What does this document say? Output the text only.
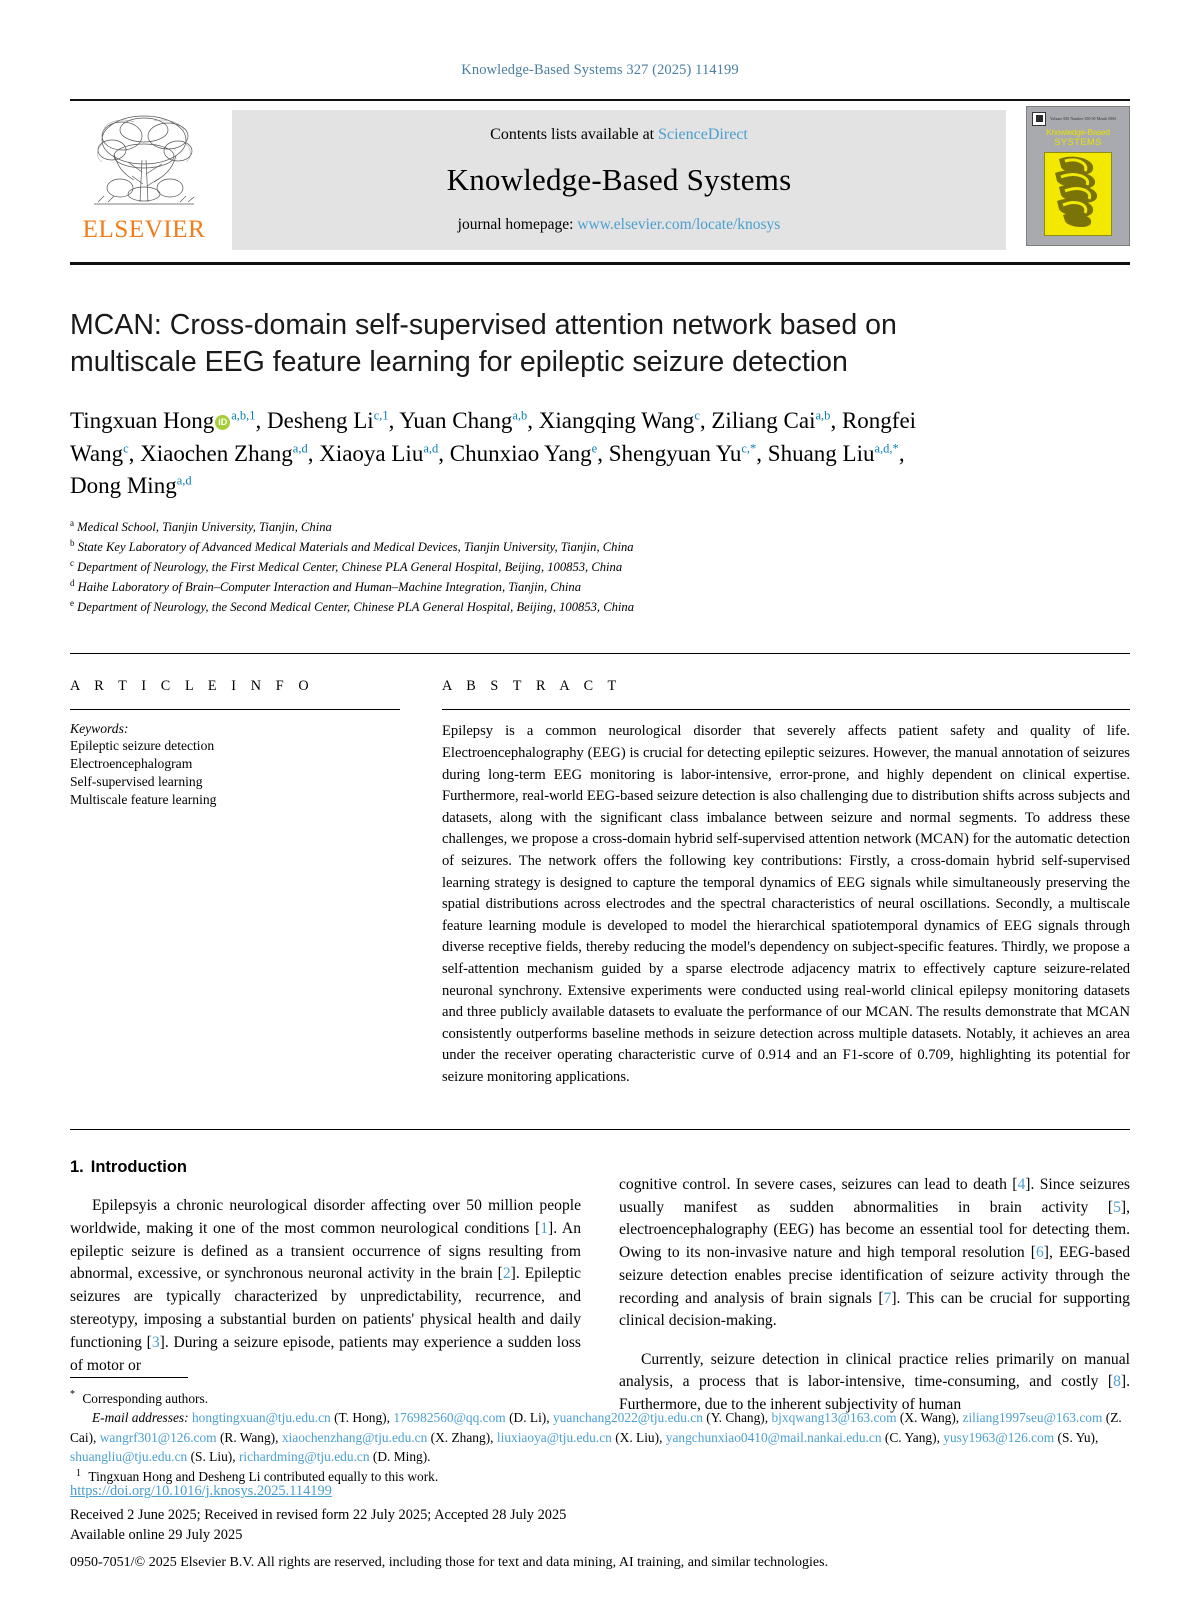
Knowledge-Based Systems 327 (2025) 114199
ELSEVIER
Contents lists available at ScienceDirect
Knowledge-Based Systems
journal homepage: www.elsevier.com/locate/knosys
Volume 000 Number 000 00 Month 0000
Knowledge-Based
SYSTEMS
MCAN: Cross-domain self-supervised attention network based on multiscale EEG feature learning for epileptic seizure detection
Tingxuan Hong iD $^{a,b,1}$, Desheng Li$^{c,1}$, Yuan Chang$^{a,b}$, Xiangqing Wang$^c$, Ziliang Cai$^{a,b}$, Rongfei Wang$^c$, Xiaochen Zhang$^{a,d}$, Xiaoya Liu$^{a,d}$, Chunxiao Yang$^e$, Shengyuan $Yu^{c,*}$, Shuang Liu$^{a,d,*}$, Dong Ming$^{a,d}$
$^a$ Medical School, Tianjin University, Tianjin, China
$^b$ State Key Laboratory of Advanced Medical Materials and Medical Devices, Tianjin University, Tianjin, China
$^c$ Department of Neurology, the First Medical Center, Chinese PLA General Hospital, Beijing, 100853, China
$^d$ Haihe Laboratory of Brain–Computer Interaction and Human–Machine Integration, Tianjin, China
$^e$ Department of Neurology, the Second Medical Center, Chinese PLA General Hospital, Beijing, 100853, China
A R T I C L E I N F O
Keywords:
Epileptic seizure detection
Electroencephalogram
Self-supervised learning
Multiscale feature learning
A B S T R A C T

Epilepsy is a common neurological disorder that severely affects patient safety and quality of life. Electroencephalography (EEG) is crucial for detecting epileptic seizures. However, the manual annotation of seizures during long-term EEG monitoring is labor-intensive, error-prone, and highly dependent on clinical expertise. Furthermore, real-world EEG-based seizure detection is also challenging due to distribution shifts across subjects and datasets, along with the significant class imbalance between seizure and normal segments. To address these challenges, we propose a cross-domain hybrid self-supervised attention network (MCAN) for the automatic detection of seizures. The network offers the following key contributions: Firstly, a cross-domain hybrid self-supervised learning strategy is designed to capture the temporal dynamics of EEG signals while simultaneously preserving the spatial distributions across electrodes and the spectral characteristics of neural oscillations. Secondly, a multiscale feature learning module is developed to model the hierarchical spatiotemporal dynamics of EEG signals through diverse receptive fields, thereby reducing the model's dependency on subject-specific features. Thirdly, we propose a self-attention mechanism guided by a sparse electrode adjacency matrix to effectively capture seizure-related neuronal synchrony. Extensive experiments were conducted using real-world clinical epilepsy monitoring datasets and three publicly available datasets to evaluate the performance of our MCAN. The results demonstrate that MCAN consistently outperforms baseline methods in seizure detection across multiple datasets. Notably, it achieves an area under the receiver operating characteristic curve of 0.914 and an F1-score of 0.709, highlighting its potential for seizure monitoring applications.

1. Introduction

Epilepsyis a chronic neurological disorder affecting over 50 million people worldwide, making it one of the most common neurological conditions [1]. An epileptic seizure is defined as a transient occurrence of signs resulting from abnormal, excessive, or synchronous neuronal activity in the brain [2]. Epileptic seizures are typically characterized by unpredictability, recurrence, and stereotypy, imposing a substantial burden on patients' physical health and daily functioning [3]. During a seizure episode, patients may experience a sudden loss of motor or

cognitive control. In severe cases, seizures can lead to death [4]. Since seizures usually manifest as sudden abnormalities in brain activity [5], electroencephalography (EEG) has become an essential tool for detecting them. Owing to its non-invasive nature and high temporal resolution [6], EEG-based seizure detection enables precise identification of seizure activity through the recording and analysis of brain signals [7]. This can be crucial for supporting clinical decision-making.

Currently, seizure detection in clinical practice relies primarily on manual analysis, a process that is labor-intensive, time-consuming, and costly [8]. Furthermore, due to the inherent subjectivity of human

* Corresponding authors.
E-mail addresses: hongtingxuan@tju.edu.cn (T. Hong), 176982560@qq.com (D. Li), yuanchang2022@tju.edu.cn (Y. Chang), bjxqwang13@163.com (X. Wang), ziliang1997seu@163.com (Z. Cai), wangrf301@126.com (R. Wang), xiaochenzhang@tju.edu.cn (X. Zhang), liuxiaoya@tju.edu.cn (X. Liu), yangchunxiao0410@mail.nankai.edu.cn (C. Yang), yusy1963@126.com (S. Yu), shuangliu@tju.edu.cn (S. Liu), richardming@tju.edu.cn (D. Ming).
$^1$ Tingxuan Hong and Desheng Li contributed equally to this work.
https://doi.org/10.1016/j.knosys.2025.114199
Received 2 June 2025; Received in revised form 22 July 2025; Accepted 28 July 2025
Available online 29 July 2025
0950-7051/© 2025 Elsevier B.V. All rights are reserved, including those for text and data mining, AI training, and similar technologies.
